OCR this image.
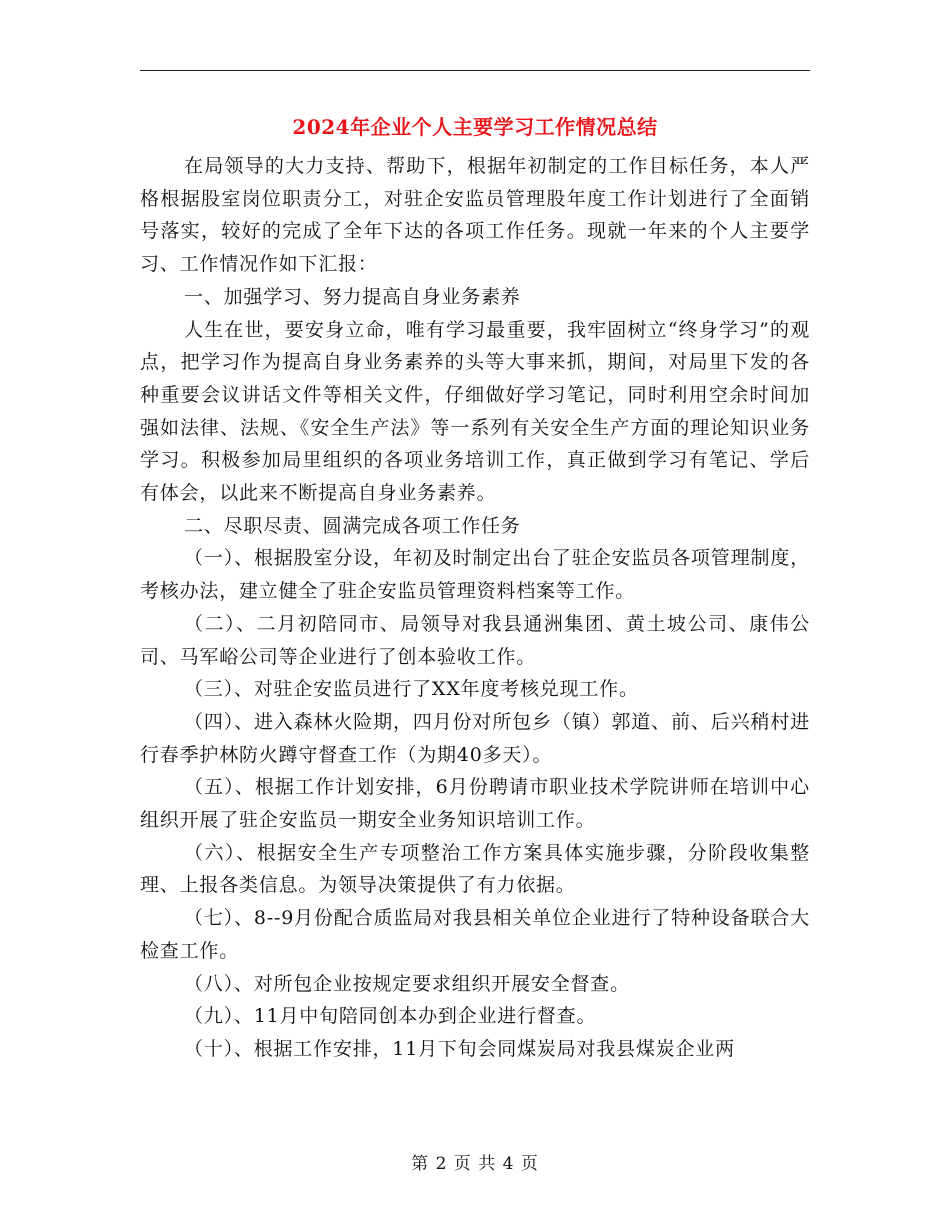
2024年企业个人主要学习工作情况总结

在局领导的大力支持、帮助下，根据年初制定的工作目标任务，本人严格根据股室岗位职责分工，对驻企安监员管理股年度工作计划进行了全面销号落实，较好的完成了全年下达的各项工作任务。现就一年来的个人主要学习、工作情况作如下汇报：

一、加强学习、努力提高自身业务素养

人生在世，要安身立命，唯有学习最重要，我牢固树立“终身学习”的观点，把学习作为提高自身业务素养的头等大事来抓，期间，对局里下发的各种重要会议讲话文件等相关文件，仔细做好学习笔记，同时利用空余时间加强如法律、法规、《安全生产法》等一系列有关安全生产方面的理论知识业务学习。积极参加局里组织的各项业务培训工作，真正做到学习有笔记、学后有体会，以此来不断提高自身业务素养。

二、尽职尽责、圆满完成各项工作任务

（一）、根据股室分设，年初及时制定出台了驻企安监员各项管理制度，考核办法，建立健全了驻企安监员管理资料档案等工作。

（二）、二月初陪同市、局领导对我县通洲集团、黄土坡公司、康伟公司、马军峪公司等企业进行了创本验收工作。

（三）、对驻企安监员进行了XX年度考核兑现工作。

（四）、进入森林火险期，四月份对所包乡（镇）郭道、前、后兴稍村进行春季护林防火蹲守督查工作（为期40多天）。

（五）、根据工作计划安排，6月份聘请市职业技术学院讲师在培训中心组织开展了驻企安监员一期安全业务知识培训工作。

（六）、根据安全生产专项整治工作方案具体实施步骤，分阶段收集整理、上报各类信息。为领导决策提供了有力依据。

（七）、8--9月份配合质监局对我县相关单位企业进行了特种设备联合大检查工作。

（八）、对所包企业按规定要求组织开展安全督查。

（九）、11月中旬陪同创本办到企业进行督查。

（十）、根据工作安排，11月下旬会同煤炭局对我县煤炭企业两

第 2 页 共 4 页
